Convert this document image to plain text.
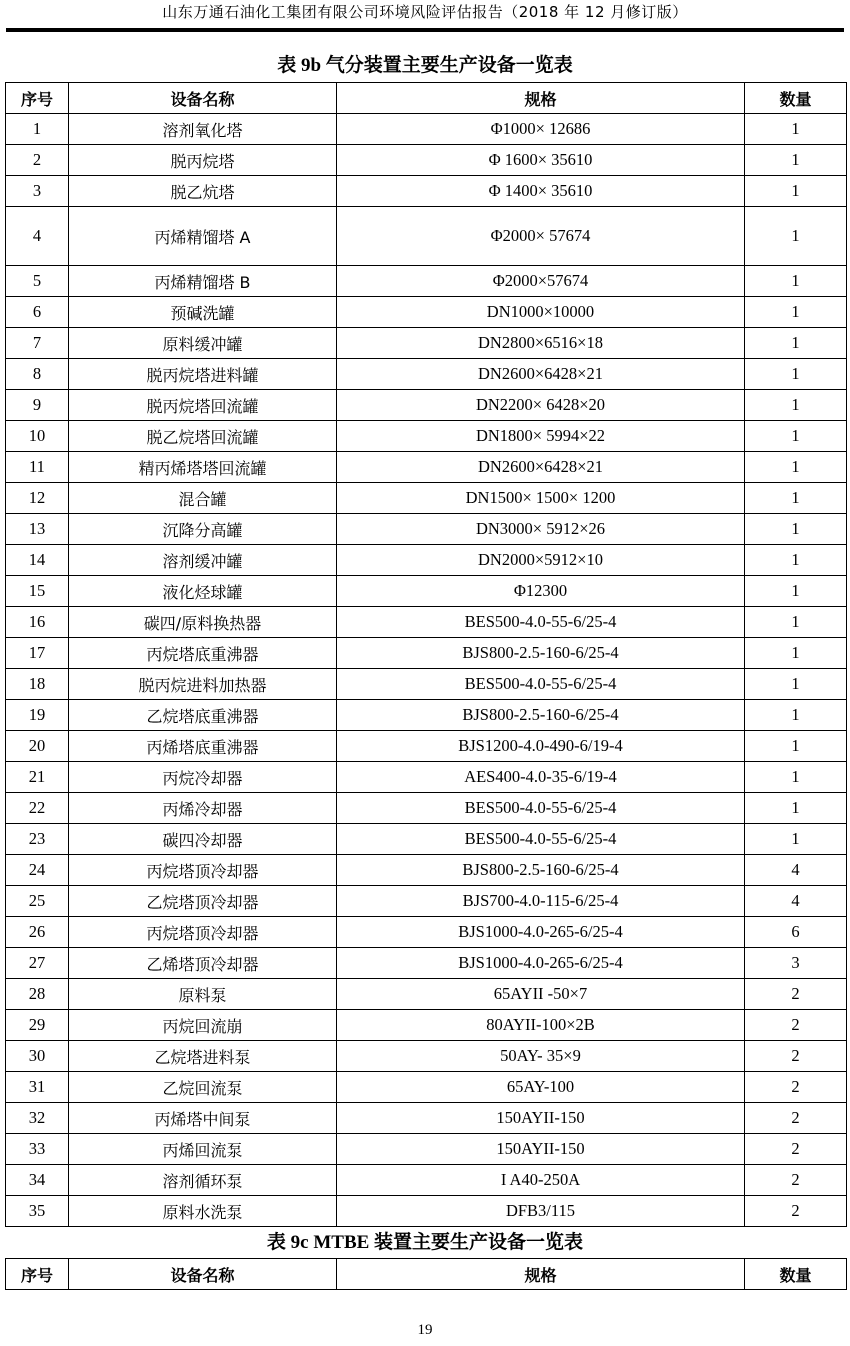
山东万通石油化工集团有限公司环境风险评估报告（2018 年 12 月修订版）
表 9b 气分装置主要生产设备一览表
序号	设备名称	规格	数量
1	溶剂氧化塔	Φ1000× 12686	1
2	脱丙烷塔	Φ 1600× 35610	1
3	脱乙炕塔	Φ 1400× 35610	1
4	丙烯精馏塔 A	Φ2000× 57674	1
5	丙烯精馏塔 B	Φ2000×57674	1
6	预碱洗罐	DN1000×10000	1
7	原料缓冲罐	DN2800×6516×18	1
8	脱丙烷塔进料罐	DN2600×6428×21	1
9	脱丙烷塔回流罐	DN2200× 6428×20	1
10	脱乙烷塔回流罐	DN1800× 5994×22	1
11	精丙烯塔塔回流罐	DN2600×6428×21	1
12	混合罐	DN1500× 1500× 1200	1
13	沉降分高罐	DN3000× 5912×26	1
14	溶剂缓冲罐	DN2000×5912×10	1
15	液化烃球罐	Φ12300	1
16	碳四/原料换热器	BES500-4.0-55-6/25-4	1
17	丙烷塔底重沸器	BJS800-2.5-160-6/25-4	1
18	脱丙烷进料加热器	BES500-4.0-55-6/25-4	1
19	乙烷塔底重沸器	BJS800-2.5-160-6/25-4	1
20	丙烯塔底重沸器	BJS1200-4.0-490-6/19-4	1
21	丙烷冷却器	AES400-4.0-35-6/19-4	1
22	丙烯冷却器	BES500-4.0-55-6/25-4	1
23	碳四冷却器	BES500-4.0-55-6/25-4	1
24	丙烷塔顶冷却器	BJS800-2.5-160-6/25-4	4
25	乙烷塔顶冷却器	BJS700-4.0-115-6/25-4	4
26	丙烷塔顶冷却器	BJS1000-4.0-265-6/25-4	6
27	乙烯塔顶冷却器	BJS1000-4.0-265-6/25-4	3
28	原料泵	65AYII -50×7	2
29	丙烷回流崩	80AYII-100×2B	2
30	乙烷塔进料泵	50AY- 35×9	2
31	乙烷回流泵	65AY-100	2
32	丙烯塔中间泵	150AYII-150	2
33	丙烯回流泵	150AYII-150	2
34	溶剂循环泵	I A40-250A	2
35	原料水洗泵	DFB3/115	2
表 9c MTBE 装置主要生产设备一览表
序号	设备名称	规格	数量
19
